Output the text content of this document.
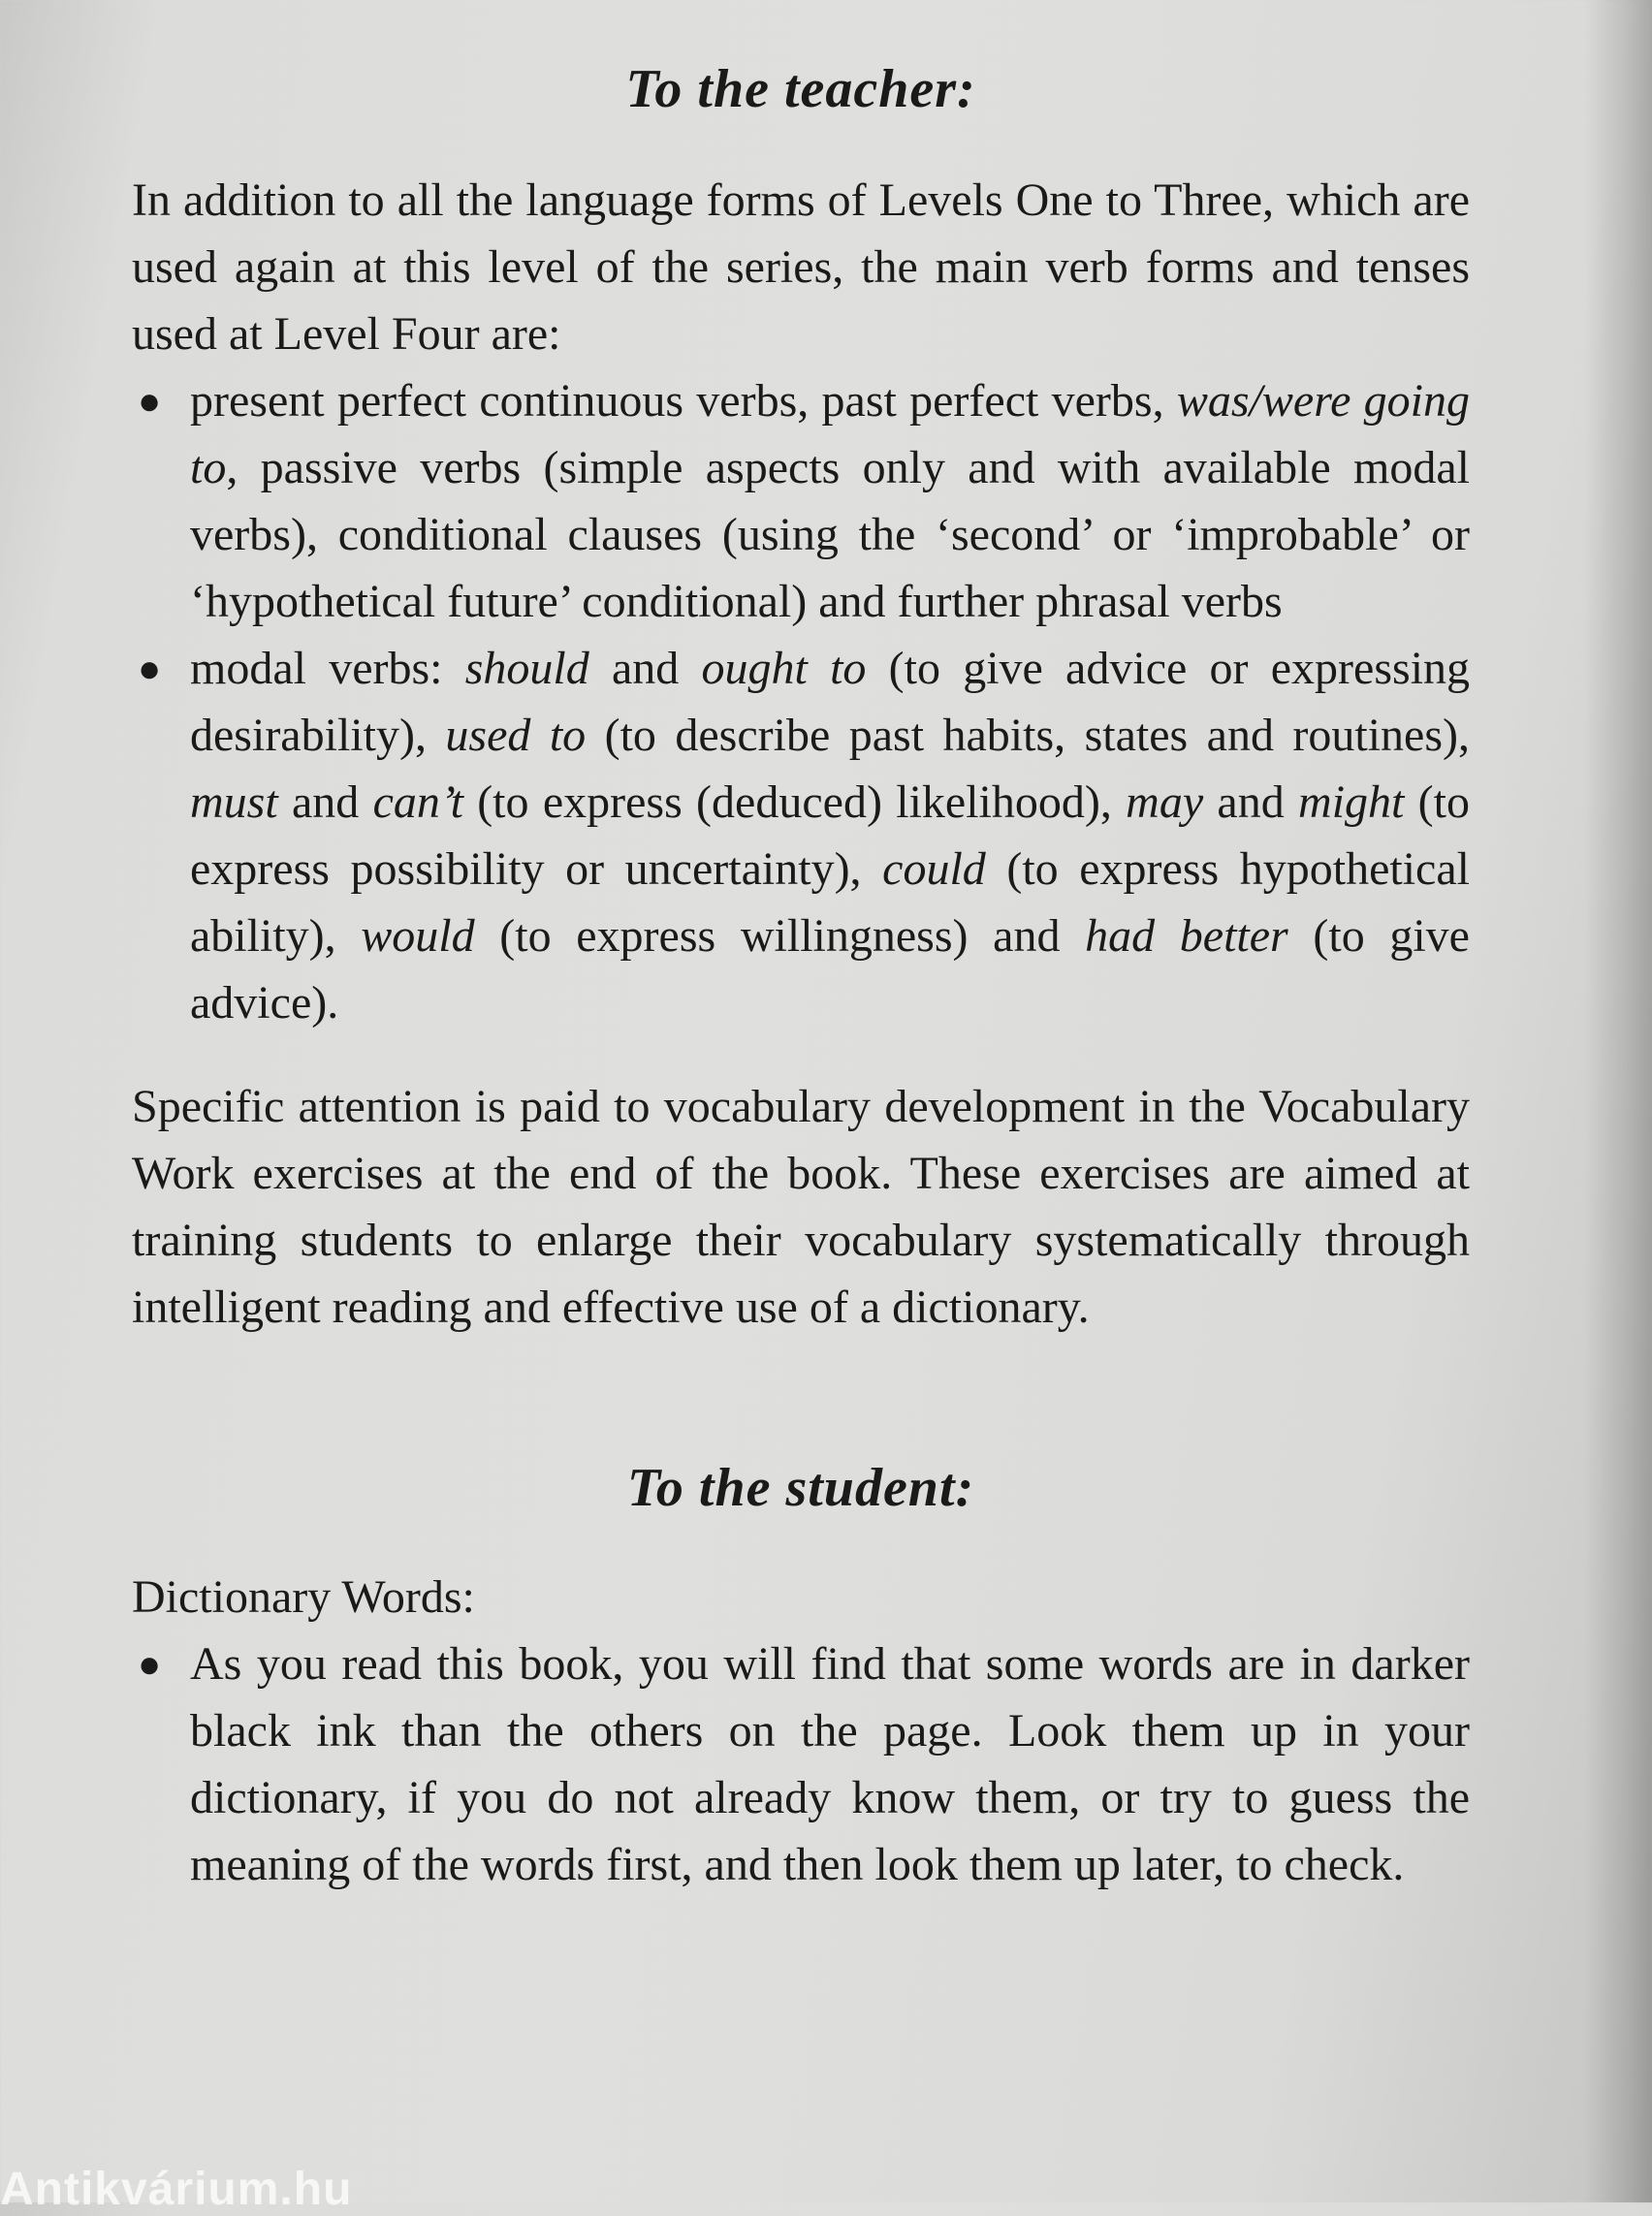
To the teacher:

In addition to all the language forms of Levels One to Three, which are used again at this level of the series, the main verb forms and tenses used at Level Four are:

● present perfect continuous verbs, past perfect verbs, was/were going to, passive verbs (simple aspects only and with available modal verbs), conditional clauses (using the ‘second’ or ‘improbable’ or ‘hypothetical future’ conditional) and further phrasal verbs
● modal verbs: should and ought to (to give advice or expressing desirability), used to (to describe past habits, states and routines), must and can’t (to express (deduced) likelihood), may and might (to express possibility or uncertainty), could (to express hypothetical ability), would (to express willingness) and had better (to give advice).

Specific attention is paid to vocabulary development in the Vocabulary Work exercises at the end of the book. These exercises are aimed at training students to enlarge their vocabulary systematically through intelligent reading and effective use of a dictionary.

To the student:

Dictionary Words:

● As you read this book, you will find that some words are in darker black ink than the others on the page. Look them up in your dictionary, if you do not already know them, or try to guess the meaning of the words first, and then look them up later, to check.
Antikvárium.hu
